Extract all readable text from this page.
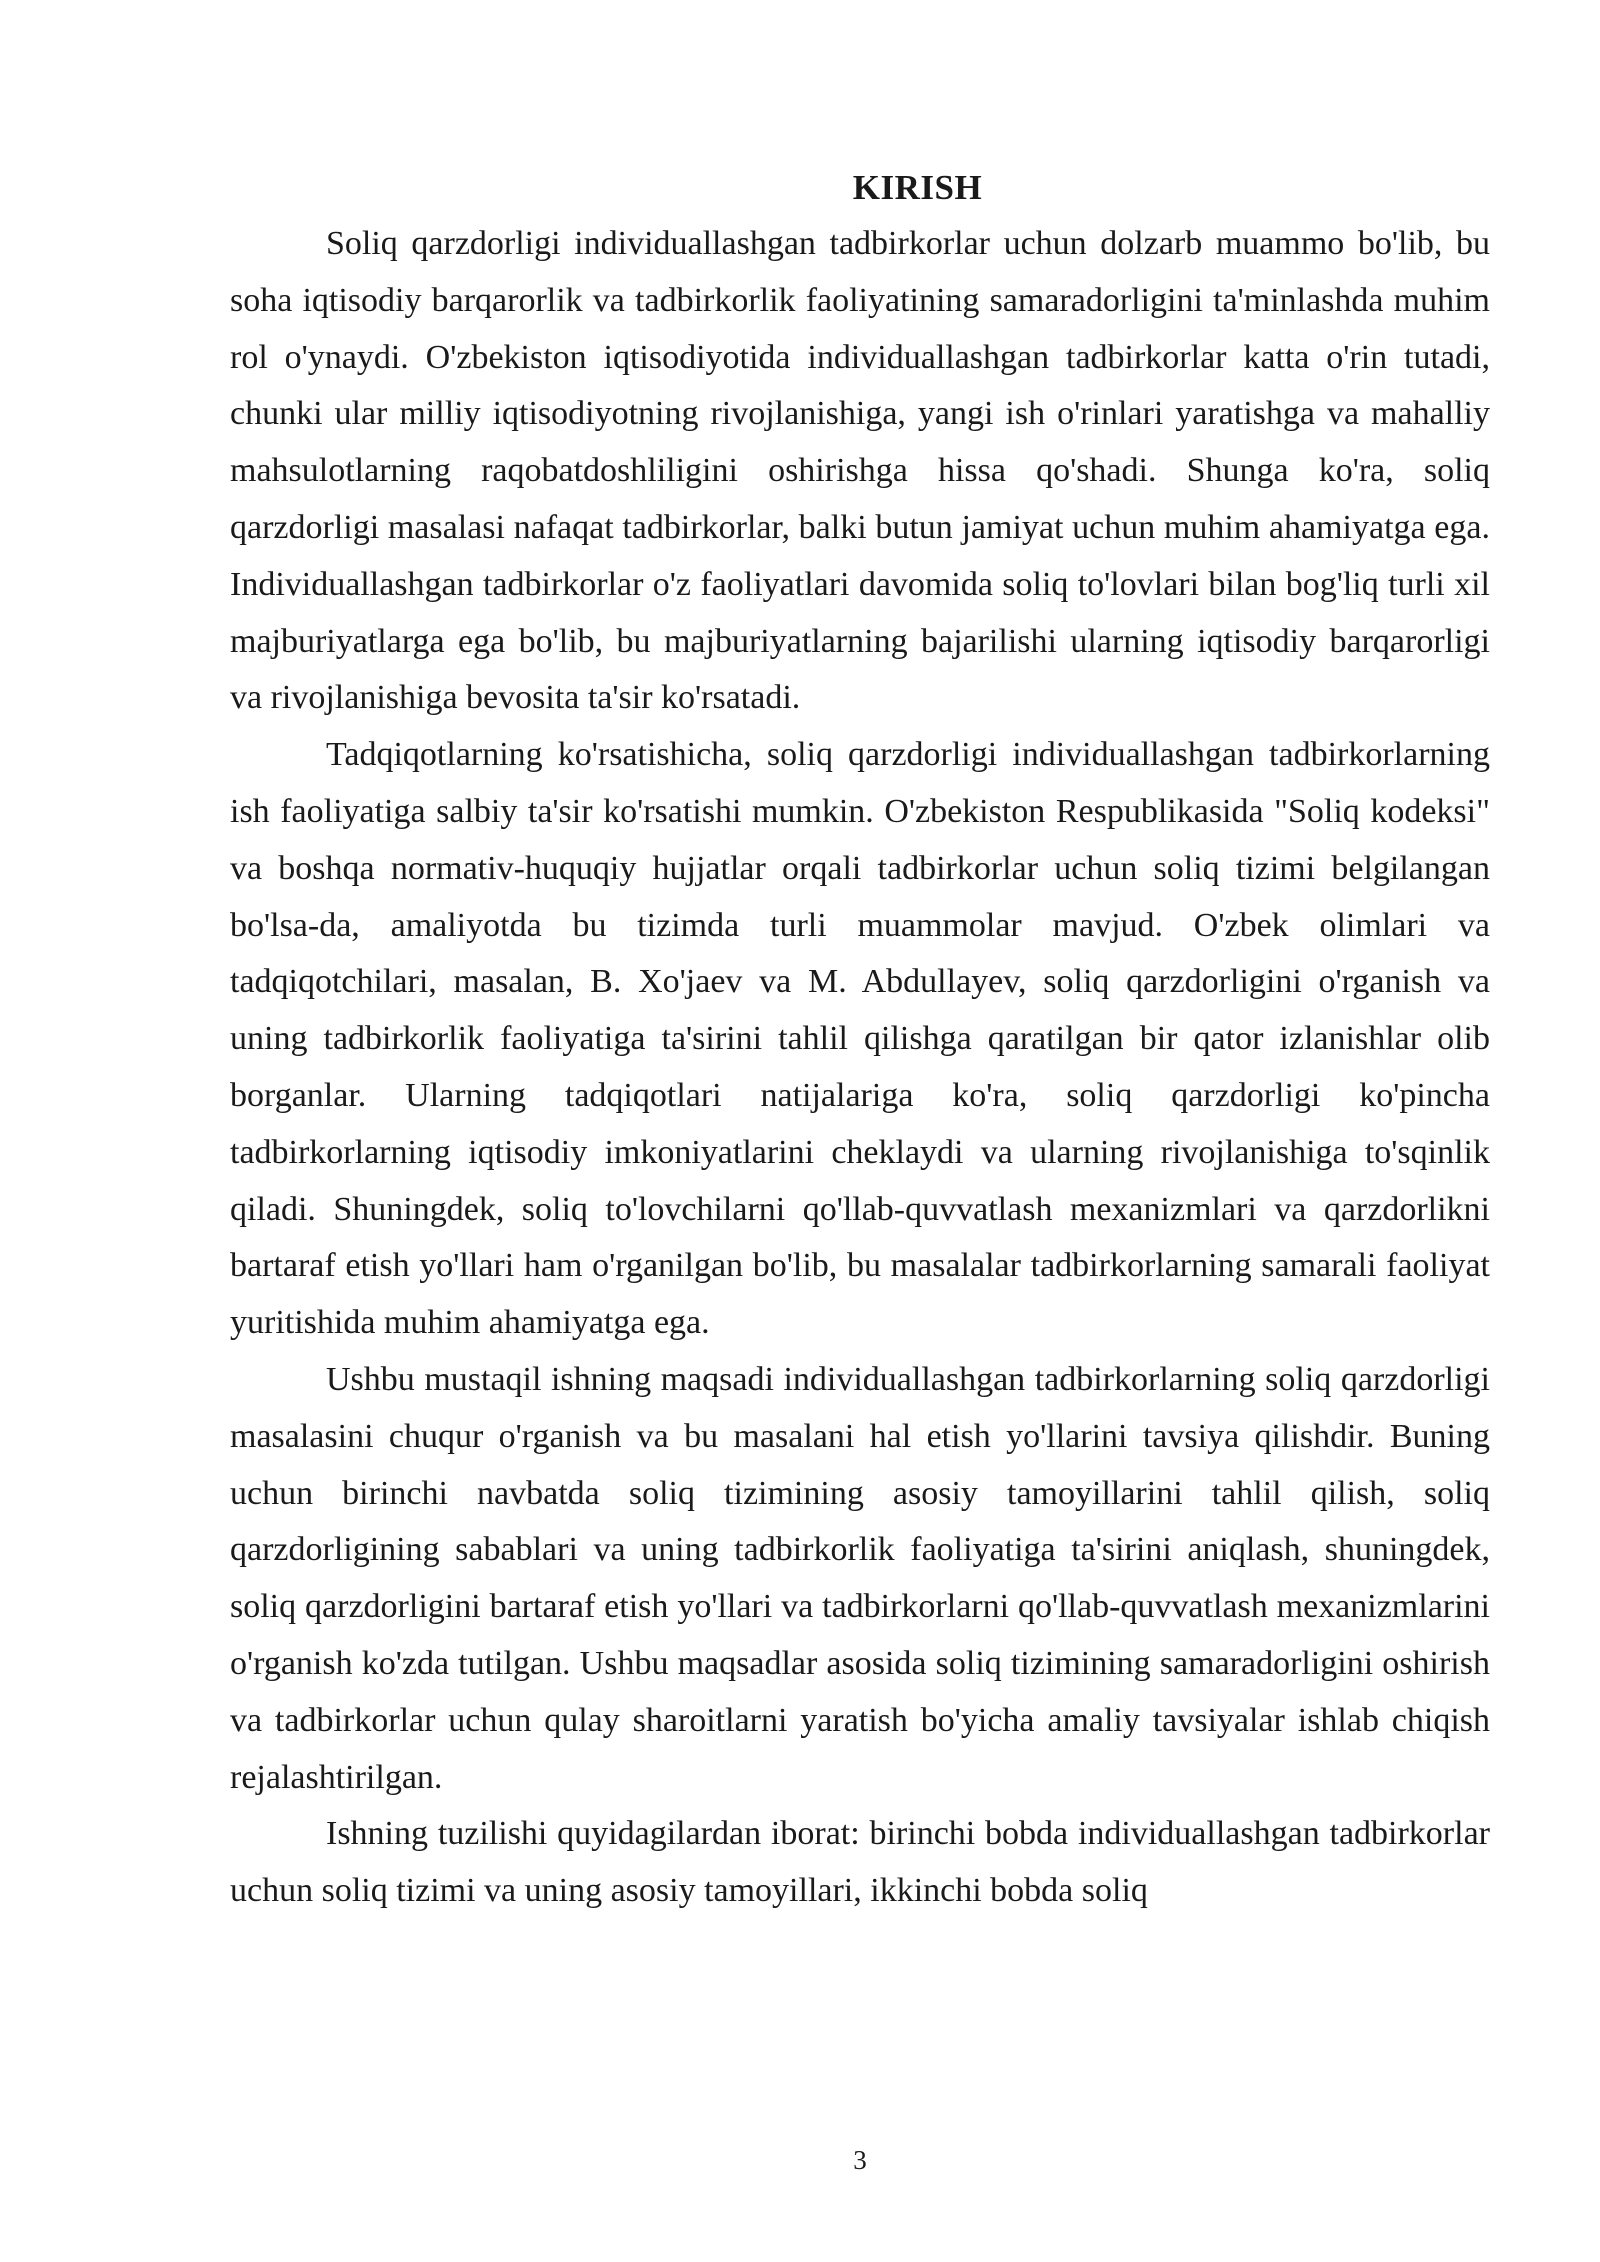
KIRISH

Soliq qarzdorligi individuallashgan tadbirkorlar uchun dolzarb muammo bo'lib, bu soha iqtisodiy barqarorlik va tadbirkorlik faoliyatining samaradorligini ta'minlashda muhim rol o'ynaydi. O'zbekiston iqtisodiyotida individuallashgan tadbirkorlar katta o'rin tutadi, chunki ular milliy iqtisodiyotning rivojlanishiga, yangi ish o'rinlari yaratishga va mahalliy mahsulotlarning raqobatdoshliligini oshirishga hissa qo'shadi. Shunga ko'ra, soliq qarzdorligi masalasi nafaqat tadbirkorlar, balki butun jamiyat uchun muhim ahamiyatga ega. Individuallashgan tadbirkorlar o'z faoliyatlari davomida soliq to'lovlari bilan bog'liq turli xil majburiyatlarga ega bo'lib, bu majburiyatlarning bajarilishi ularning iqtisodiy barqarorligi va rivojlanishiga bevosita ta'sir ko'rsatadi.

Tadqiqotlarning ko'rsatishicha, soliq qarzdorligi individuallashgan tadbirkorlarning ish faoliyatiga salbiy ta'sir ko'rsatishi mumkin. O'zbekiston Respublikasida "Soliq kodeksi" va boshqa normativ-huquqiy hujjatlar orqali tadbirkorlar uchun soliq tizimi belgilangan bo'lsa-da, amaliyotda bu tizimda turli muammolar mavjud. O'zbek olimlari va tadqiqotchilari, masalan, B. Xo'jaev va M. Abdullayev, soliq qarzdorligini o'rganish va uning tadbirkorlik faoliyatiga ta'sirini tahlil qilishga qaratilgan bir qator izlanishlar olib borganlar. Ularning tadqiqotlari natijalariga ko'ra, soliq qarzdorligi ko'pincha tadbirkorlarning iqtisodiy imkoniyatlarini cheklaydi va ularning rivojlanishiga to'sqinlik qiladi. Shuningdek, soliq to'lovchilarni qo'llab-quvvatlash mexanizmlari va qarzdorlikni bartaraf etish yo'llari ham o'rganilgan bo'lib, bu masalalar tadbirkorlarning samarali faoliyat yuritishida muhim ahamiyatga ega.

Ushbu mustaqil ishning maqsadi individuallashgan tadbirkorlarning soliq qarzdorligi masalasini chuqur o'rganish va bu masalani hal etish yo'llarini tavsiya qilishdir. Buning uchun birinchi navbatda soliq tizimining asosiy tamoyillarini tahlil qilish, soliq qarzdorligining sabablari va uning tadbirkorlik faoliyatiga ta'sirini aniqlash, shuningdek, soliq qarzdorligini bartaraf etish yo'llari va tadbirkorlarni qo'llab-quvvatlash mexanizmlarini o'rganish ko'zda tutilgan. Ushbu maqsadlar asosida soliq tizimining samaradorligini oshirish va tadbirkorlar uchun qulay sharoitlarni yaratish bo'yicha amaliy tavsiyalar ishlab chiqish rejalashtirilgan.

Ishning tuzilishi quyidagilardan iborat: birinchi bobda individuallashgan tadbirkorlar uchun soliq tizimi va uning asosiy tamoyillari, ikkinchi bobda soliq

3
